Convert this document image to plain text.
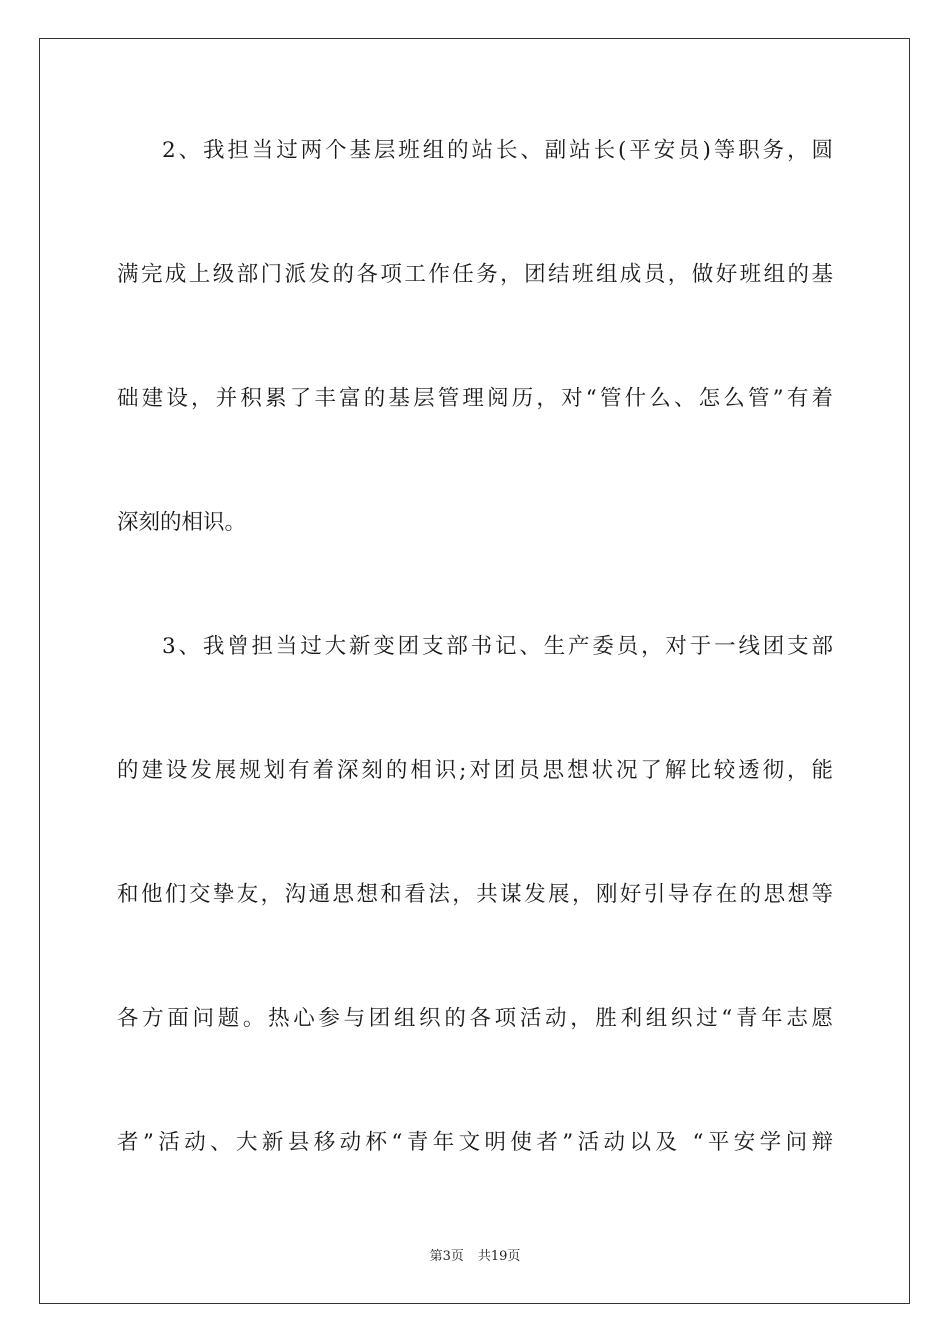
2、我担当过两个基层班组的站长、副站长(平安员)等职务，圆
满完成上级部门派发的各项工作任务，团结班组成员，做好班组的基
础建设，并积累了丰富的基层管理阅历，对“管什么、怎么管”有着
深刻的相识。
3、我曾担当过大新变团支部书记、生产委员，对于一线团支部
的建设发展规划有着深刻的相识;对团员思想状况了解比较透彻，能
和他们交挚友，沟通思想和看法，共谋发展，刚好引导存在的思想等
各方面问题。热心参与团组织的各项活动，胜利组织过“青年志愿
者”活动、大新县移动杯“青年文明使者”活动以及 “平安学问辩
第3页 共19页
